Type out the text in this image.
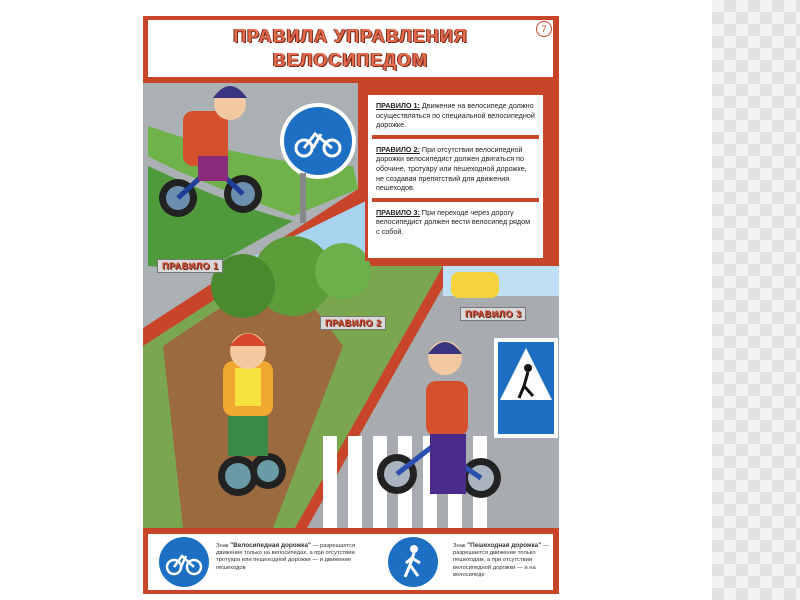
ПРАВИЛА УПРАВЛЕНИЯ
ВЕЛОСИПЕДОМ
7

ПРАВИЛО 1: Движение на велосипеде должно осуществляться по специальной велосипедной дорожке.

ПРАВИЛО 2: При отсутствии велосипедной дорожки велосипедист должен двигаться по обочине, тротуару или пешеходной дорожке, не создавая препятствий для движения пешеходов.

ПРАВИЛО 3: При переходе через дорогу велосипедист должен вести велосипед рядом с собой.

ПРАВИЛО 1
ПРАВИЛО 2
ПРАВИЛО 3
Знак "Велосипедная дорожка" — разрешается движение только на велосипедах, а при отсутствии тротуара или пешеходной дорожки — и движение пешеходов
Знак "Пешеходная дорожка" — разрешается движение только пешеходам, а при отсутствии велосипедной дорожки — и на велосипеде
